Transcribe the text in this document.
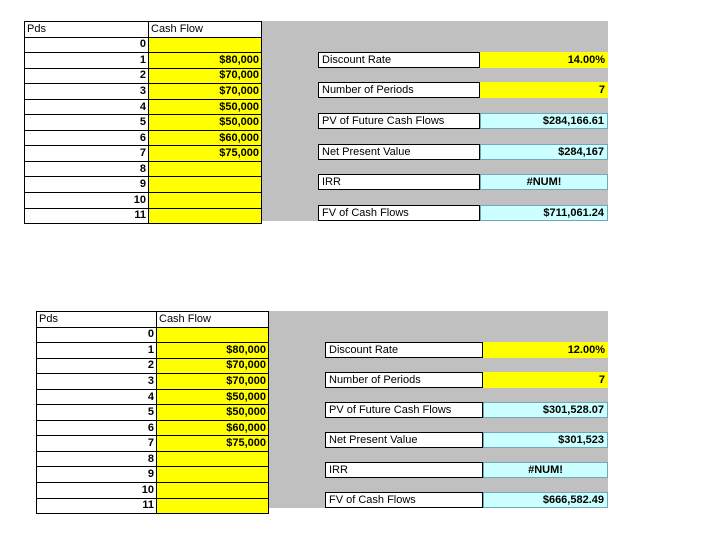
Pds	Cash Flow
0	
1	$80,000
2	$70,000
3	$70,000
4	$50,000
5	$50,000
6	$60,000
7	$75,000
8	
9	
10	
11	
Discount Rate	14.00%
Number of Periods	7
PV of Future Cash Flows	$284,166.61
Net Present Value	$284,167
IRR	#NUM!
FV of Cash Flows	$711,061.24
Pds	Cash Flow
0	
1	$80,000
2	$70,000
3	$70,000
4	$50,000
5	$50,000
6	$60,000
7	$75,000
8	
9	
10	
11	
Discount Rate	12.00%
Number of Periods	7
PV of Future Cash Flows	$301,528.07
Net Present Value	$301,523
IRR	#NUM!
FV of Cash Flows	$666,582.49
